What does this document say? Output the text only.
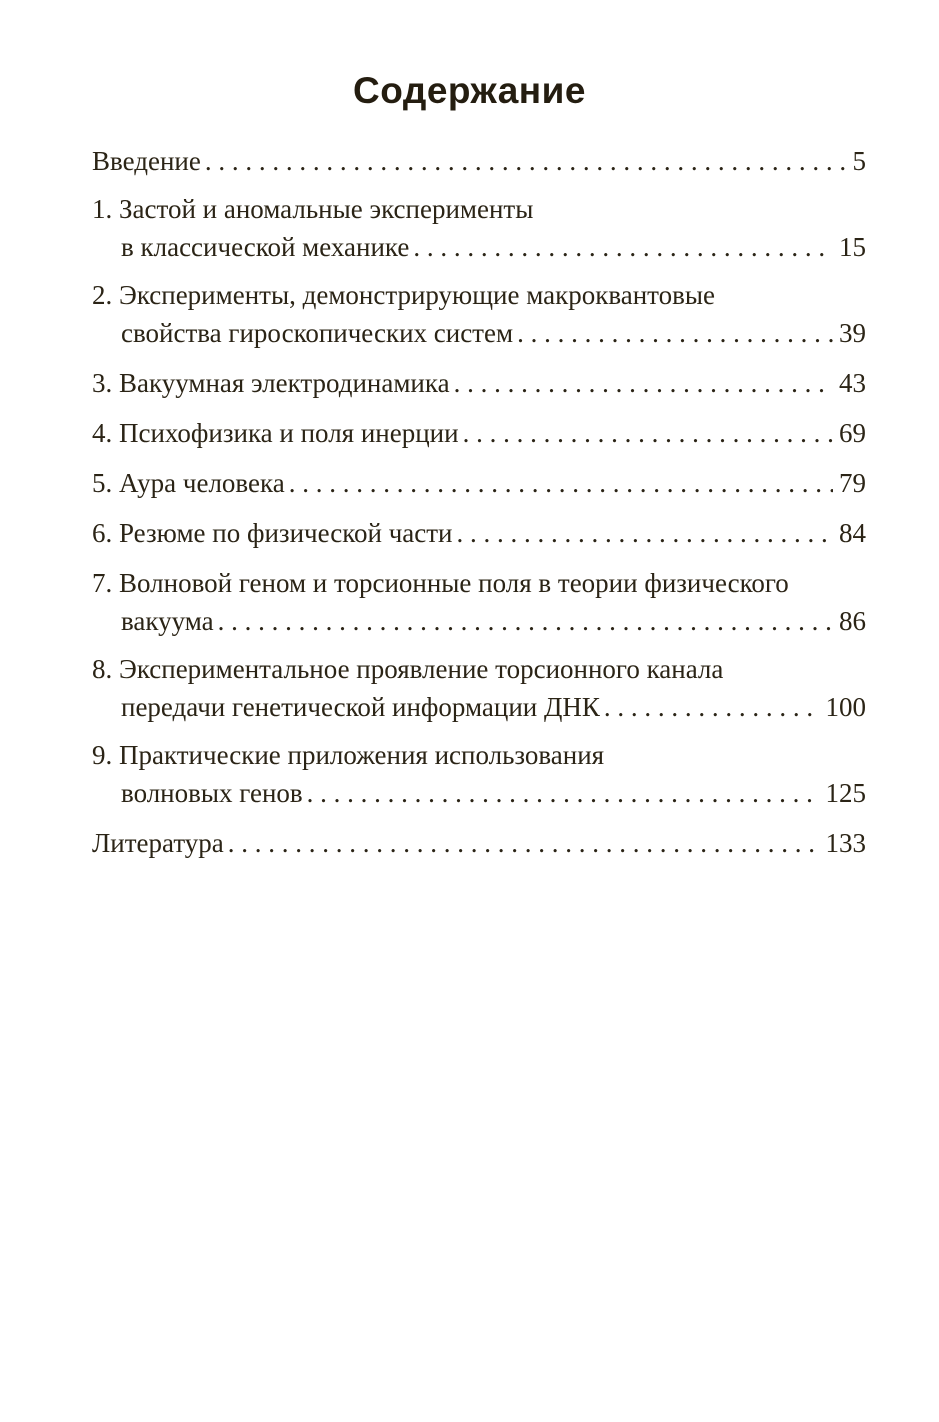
Содержание
Введение . . .	5
1. Застой и аномальные эксперименты
в классической механике . . .	15
2. Эксперименты, демонстрирующие макроквантовые
свойства гироскопических систем . . .	39
3. Вакуумная электродинамика . . .	43
4. Психофизика и поля инерции . . .	69
5. Аура человека . . .	79
6. Резюме по физической части . . .	84
7. Волновой геном и торсионные поля в теории физического
вакуума . . .	86
8. Экспериментальное проявление торсионного канала
передачи генетической информации ДНК . . .	100
9. Практические приложения использования
волновых генов . . .	125
Литература . . .	133
